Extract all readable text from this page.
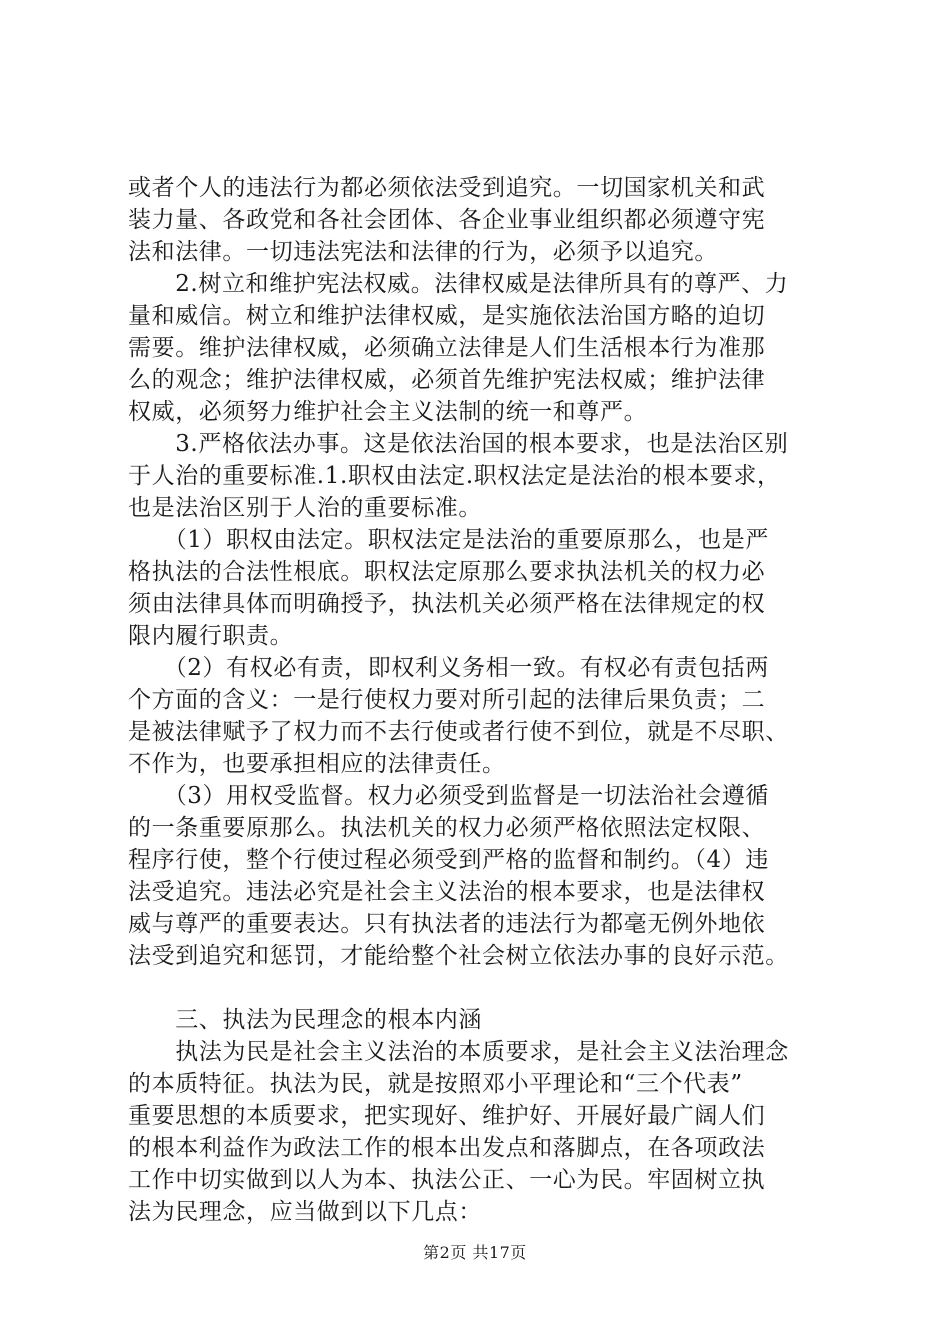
或者个人的违法行为都必须依法受到追究。一切国家机关和武
装力量、各政党和各社会团体、各企业事业组织都必须遵守宪
法和法律。一切违法宪法和法律的行为，必须予以追究。
　　2.树立和维护宪法权威。法律权威是法律所具有的尊严、力
量和威信。树立和维护法律权威，是实施依法治国方略的迫切
需要。维护法律权威，必须确立法律是人们生活根本行为准那
么的观念；维护法律权威，必须首先维护宪法权威；维护法律
权威，必须努力维护社会主义法制的统一和尊严。
　　3.严格依法办事。这是依法治国的根本要求，也是法治区别
于人治的重要标准.1.职权由法定.职权法定是法治的根本要求，
也是法治区别于人治的重要标准。
　　（1）职权由法定。职权法定是法治的重要原那么，也是严
格执法的合法性根底。职权法定原那么要求执法机关的权力必
须由法律具体而明确授予，执法机关必须严格在法律规定的权
限内履行职责。
　　（2）有权必有责，即权利义务相一致。有权必有责包括两
个方面的含义：一是行使权力要对所引起的法律后果负责；二
是被法律赋予了权力而不去行使或者行使不到位，就是不尽职、
不作为，也要承担相应的法律责任。
　　（3）用权受监督。权力必须受到监督是一切法治社会遵循
的一条重要原那么。执法机关的权力必须严格依照法定权限、
程序行使，整个行使过程必须受到严格的监督和制约。（4）违
法受追究。违法必究是社会主义法治的根本要求，也是法律权
威与尊严的重要表达。只有执法者的违法行为都毫无例外地依
法受到追究和惩罚，才能给整个社会树立依法办事的良好示范。
　　三、执法为民理念的根本内涵
　　执法为民是社会主义法治的本质要求，是社会主义法治理念
的本质特征。执法为民，就是按照邓小平理论和“三个代表”
重要思想的本质要求，把实现好、维护好、开展好最广阔人们
的根本利益作为政法工作的根本出发点和落脚点，在各项政法
工作中切实做到以人为本、执法公正、一心为民。牢固树立执
法为民理念，应当做到以下几点：
第2页 共17页
